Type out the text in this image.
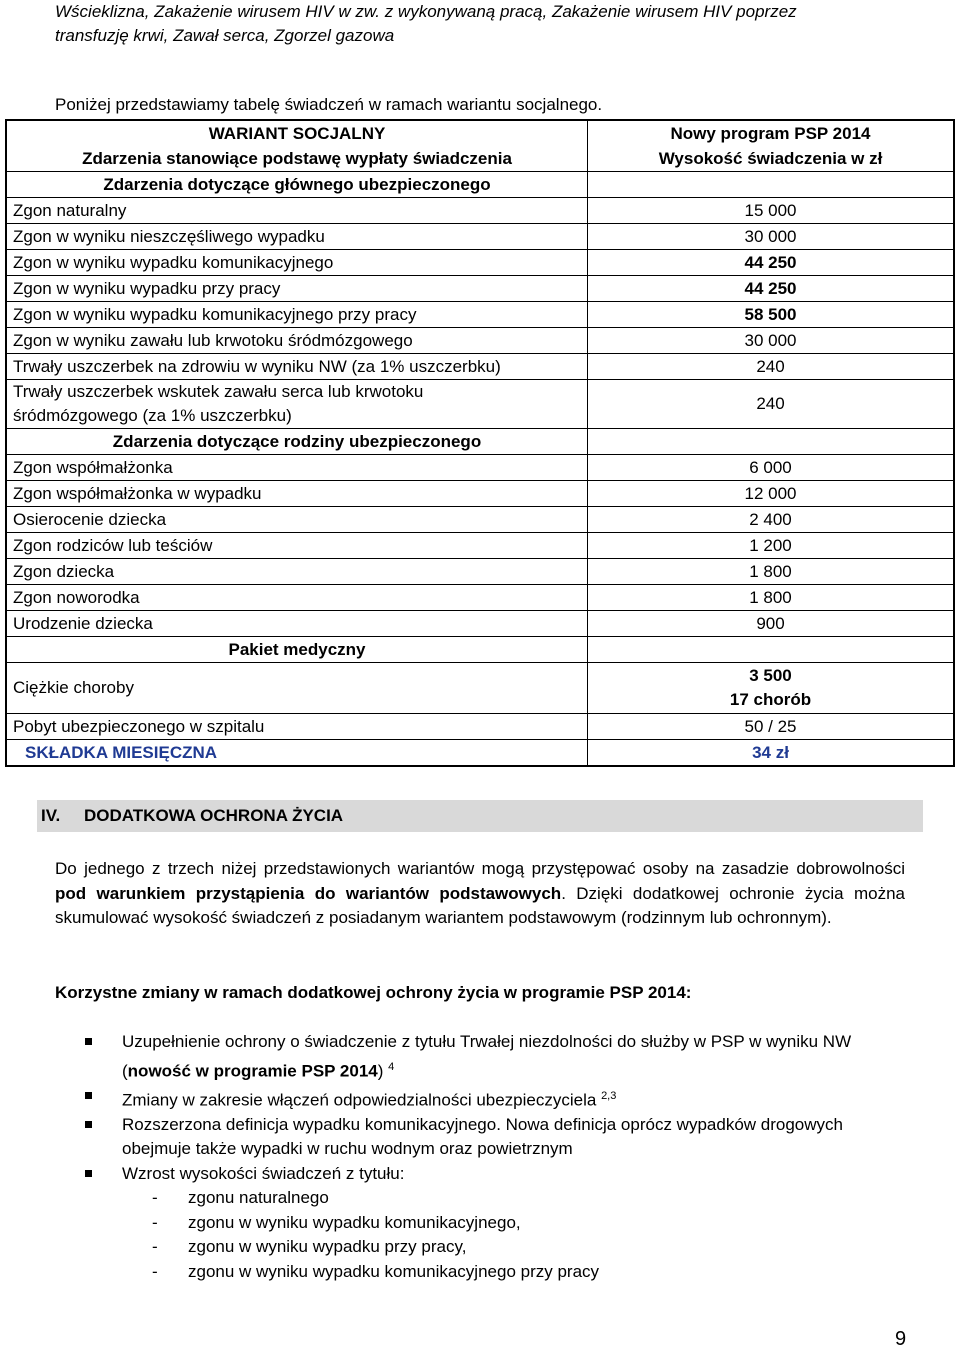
Wścieklizna, Zakażenie wirusem HIV w zw. z wykonywaną pracą, Zakażenie wirusem HIV poprzez
transfuzję krwi, Zawał serca, Zgorzel gazowa
Poniżej przedstawiamy tabelę świadczeń w ramach wariantu socjalnego.
WARIANT SOCJALNY	Nowy program PSP 2014
Zdarzenia stanowiące podstawę wypłaty świadczenia	Wysokość świadczenia w zł
Zdarzenia dotyczące głównego ubezpieczonego	
Zgon naturalny	15 000
Zgon w wyniku nieszczęśliwego wypadku	30 000
Zgon w wyniku wypadku komunikacyjnego	44 250
Zgon w wyniku wypadku przy pracy	44 250
Zgon w wyniku wypadku komunikacyjnego przy pracy	58 500
Zgon w wyniku zawału lub krwotoku śródmózgowego	30 000
Trwały uszczerbek na zdrowiu w wyniku NW (za 1% uszczerbku)	240

Trwały uszczerbek wskutek zawału serca lub krwotoku
śródmózgowego (za 1% uszczerbku)	240
Zdarzenia dotyczące rodziny ubezpieczonego	
Zgon współmałżonka	6 000
Zgon współmałżonka w wypadku	12 000
Osierocenie dziecka	2 400
Zgon rodziców lub teściów	1 200
Zgon dziecka	1 800
Zgon noworodka	1 800
Urodzenie dziecka	900
Pakiet medyczny	
Ciężkie choroby	3 500
17 chorób

Pobyt ubezpieczonego w szpitalu	50 / 25
SKŁADKA MIESIĘCZNA	34 zł
IV. DODATKOWA OCHRONA ŻYCIA
Do jednego z trzech niżej przedstawionych wariantów mogą przystępować osoby na zasadzie dobrowolności pod warunkiem przystąpienia do wariantów podstawowych. Dzięki dodatkowej ochronie życia można skumulować wysokość świadczeń z posiadanym wariantem podstawowym (rodzinnym lub ochronnym).
Korzystne zmiany w ramach dodatkowej ochrony życia w programie PSP 2014:
Uzupełnienie ochrony o świadczenie z tytułu Trwałej niezdolności do służby w PSP w wyniku NW (nowość w programie PSP 2014) $^4$
Zmiany w zakresie włączeń odpowiedzialności ubezpieczyciela $^{2,3}$
Rozszerzona definicja wypadku komunikacyjnego. Nowa definicja oprócz wypadków drogowych obejmuje także wypadki w ruchu wodnym oraz powietrznym
Wzrost wysokości świadczeń z tytułu:
- zgonu naturalnego
- zgonu w wyniku wypadku komunikacyjnego,
- zgonu w wyniku wypadku przy pracy,
- zgonu w wyniku wypadku komunikacyjnego przy pracy
9
